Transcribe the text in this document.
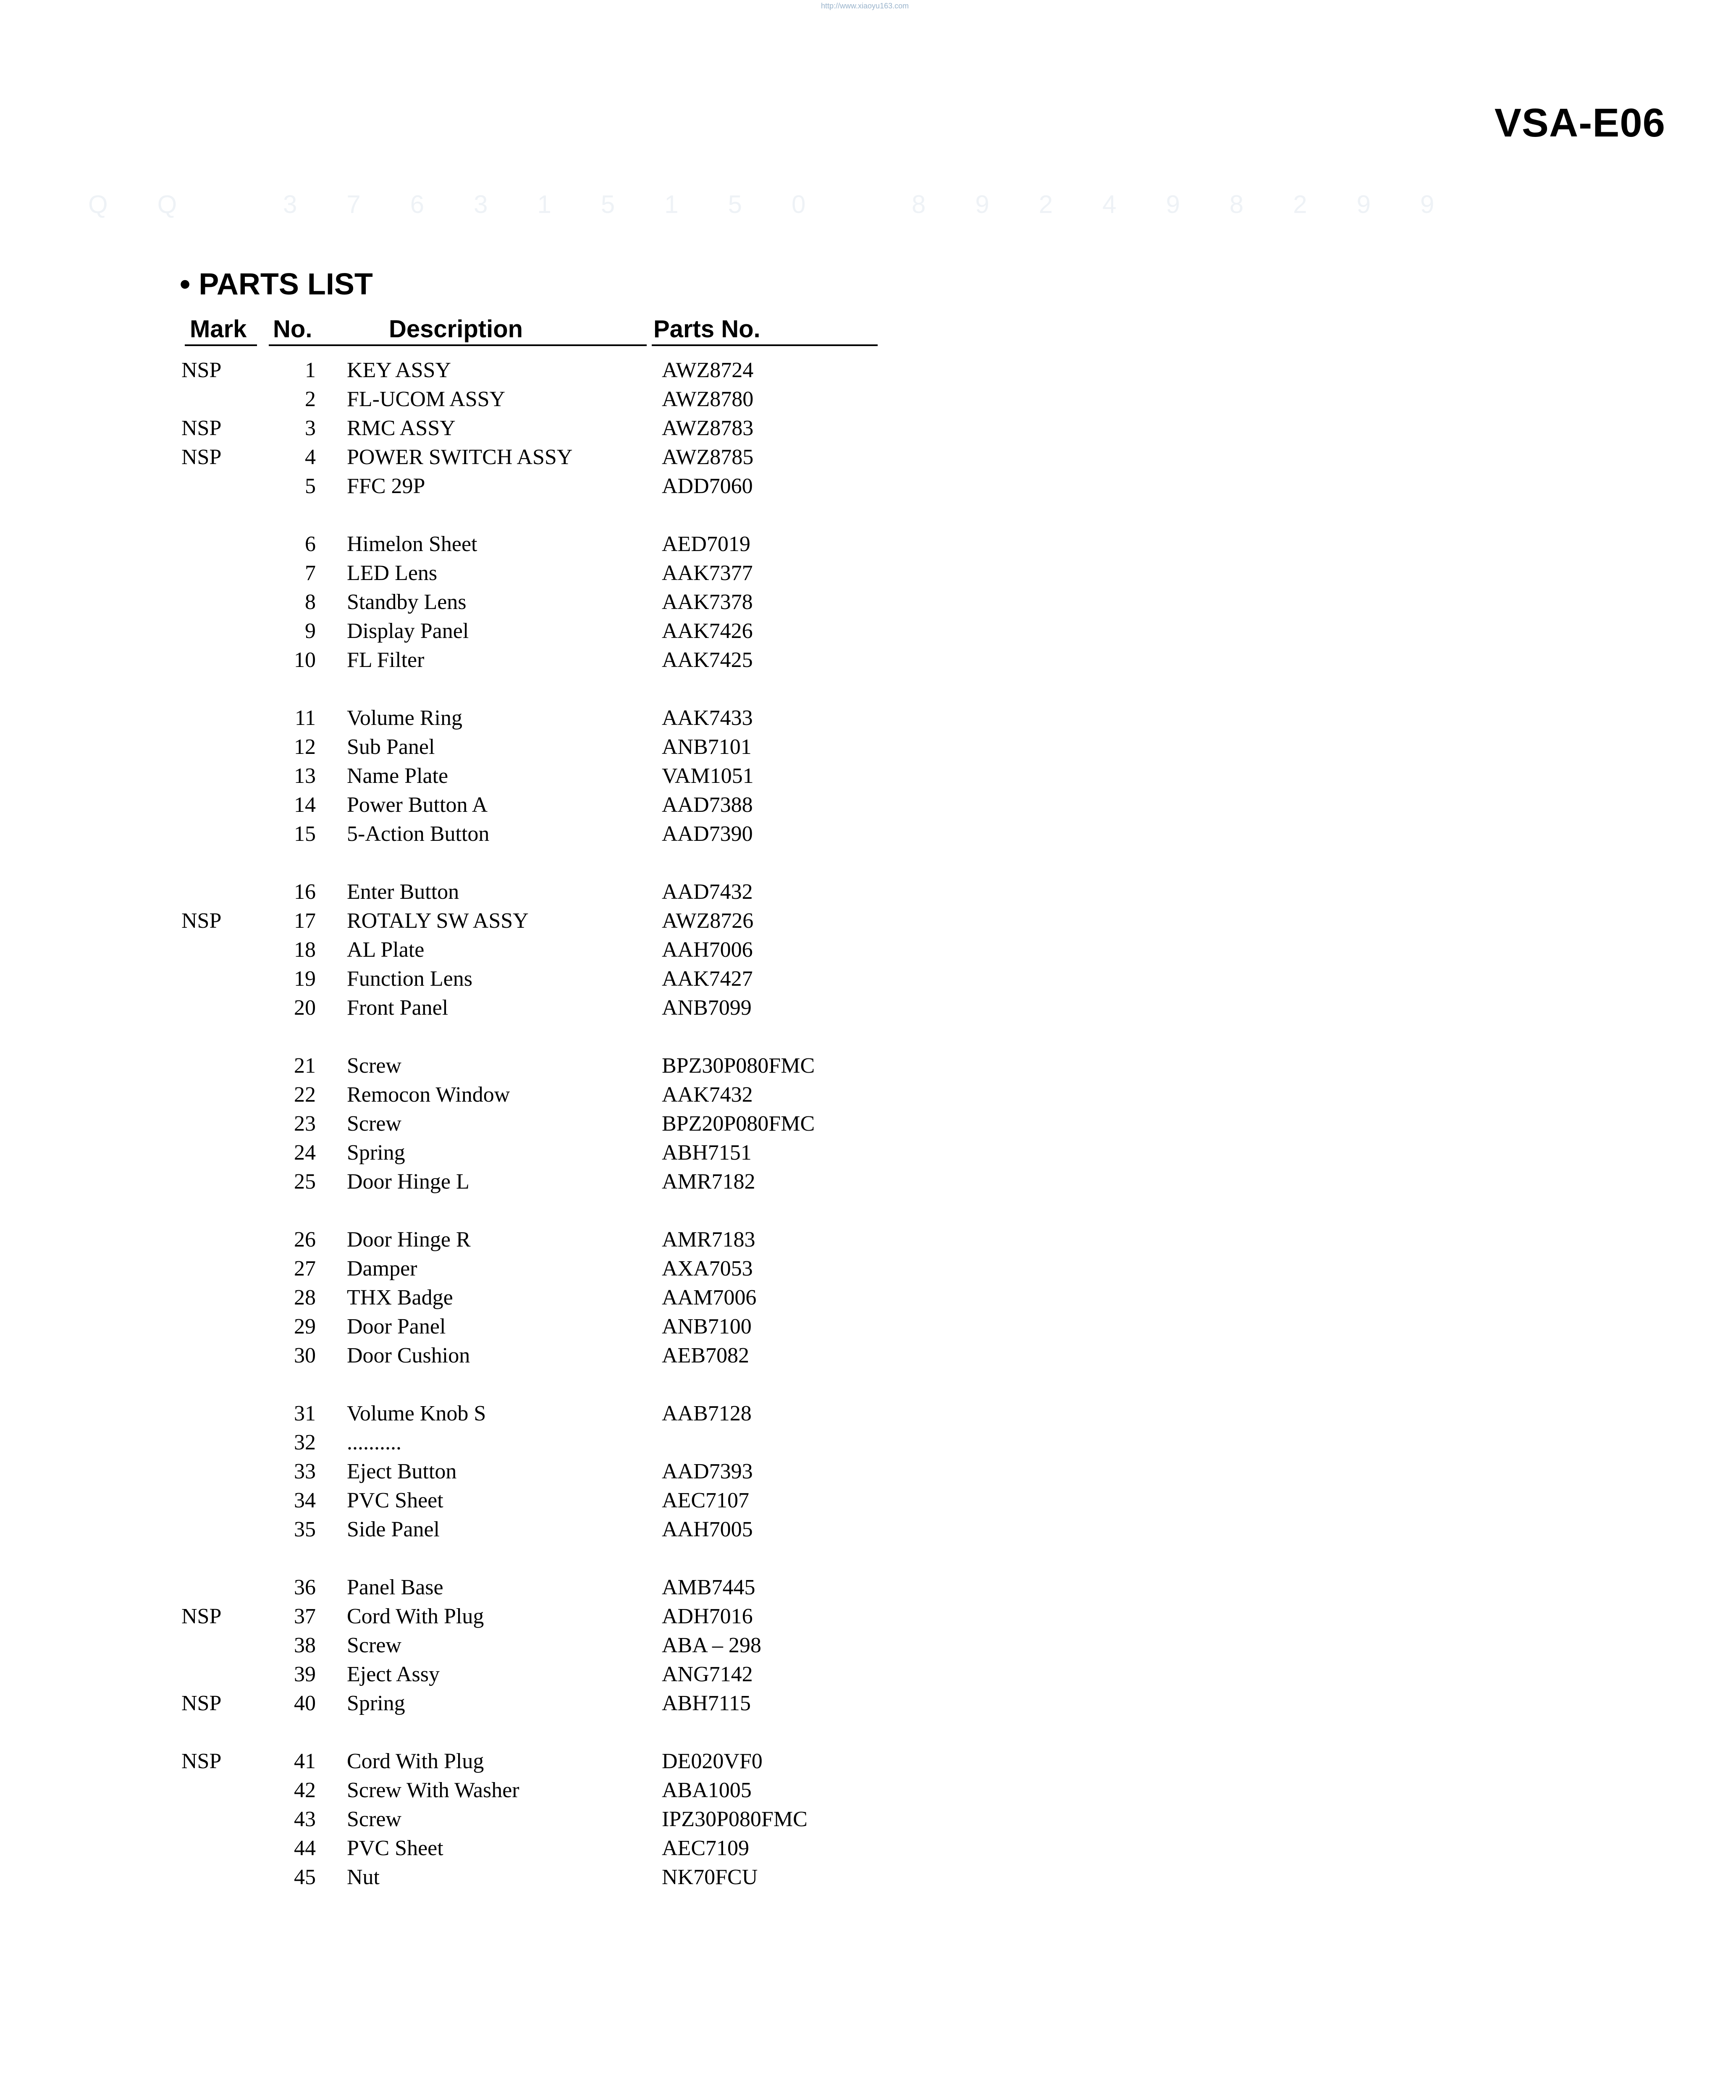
http://www.xiaoyu163.com
QQ 376315150 892498299
VSA-E06
• PARTS LIST
Mark No.	Description	Parts No.
NSP	1 KEY ASSY	AWZ8724
2 FL-UCOM ASSY	AWZ8780
NSP	3 RMC ASSY	AWZ8783
NSP	4 POWER SWITCH ASSY	AWZ8785
5 FFC 29P	ADD7060
6 Himelon Sheet	AED7019
7 LED Lens	AAK7377
8 Standby Lens	AAK7378
9 Display Panel	AAK7426
10 FL Filter	AAK7425
11 Volume Ring	AAK7433
12 Sub Panel	ANB7101
13 Name Plate	VAM1051
14 Power Button A	AAD7388
15 5-Action Button	AAD7390
16 Enter Button	AAD7432
NSP	17 ROTALY SW ASSY	AWZ8726
18 AL Plate	AAH7006
19 Function Lens	AAK7427
20 Front Panel	ANB7099
21 Screw	BPZ30P080FMC
22 Remocon Window	AAK7432
23 Screw	BPZ20P080FMC
24 Spring	ABH7151
25 Door Hinge L	AMR7182
26 Door Hinge R	AMR7183
27 Damper	AXA7053
28 THX Badge	AAM7006
29 Door Panel	ANB7100
30 Door Cushion	AEB7082
31 Volume Knob S	AAB7128
32 ..........
33 Eject Button	AAD7393
34 PVC Sheet	AEC7107
35 Side Panel	AAH7005
36 Panel Base	AMB7445
NSP	37 Cord With Plug	ADH7016
38 Screw	ABA – 298
39 Eject Assy	ANG7142
NSP	40 Spring	ABH7115
NSP	41 Cord With Plug	DE020VF0
42 Screw With Washer	ABA1005
43 Screw	IPZ30P080FMC
44 PVC Sheet	AEC7109
45 Nut	NK70FCU
